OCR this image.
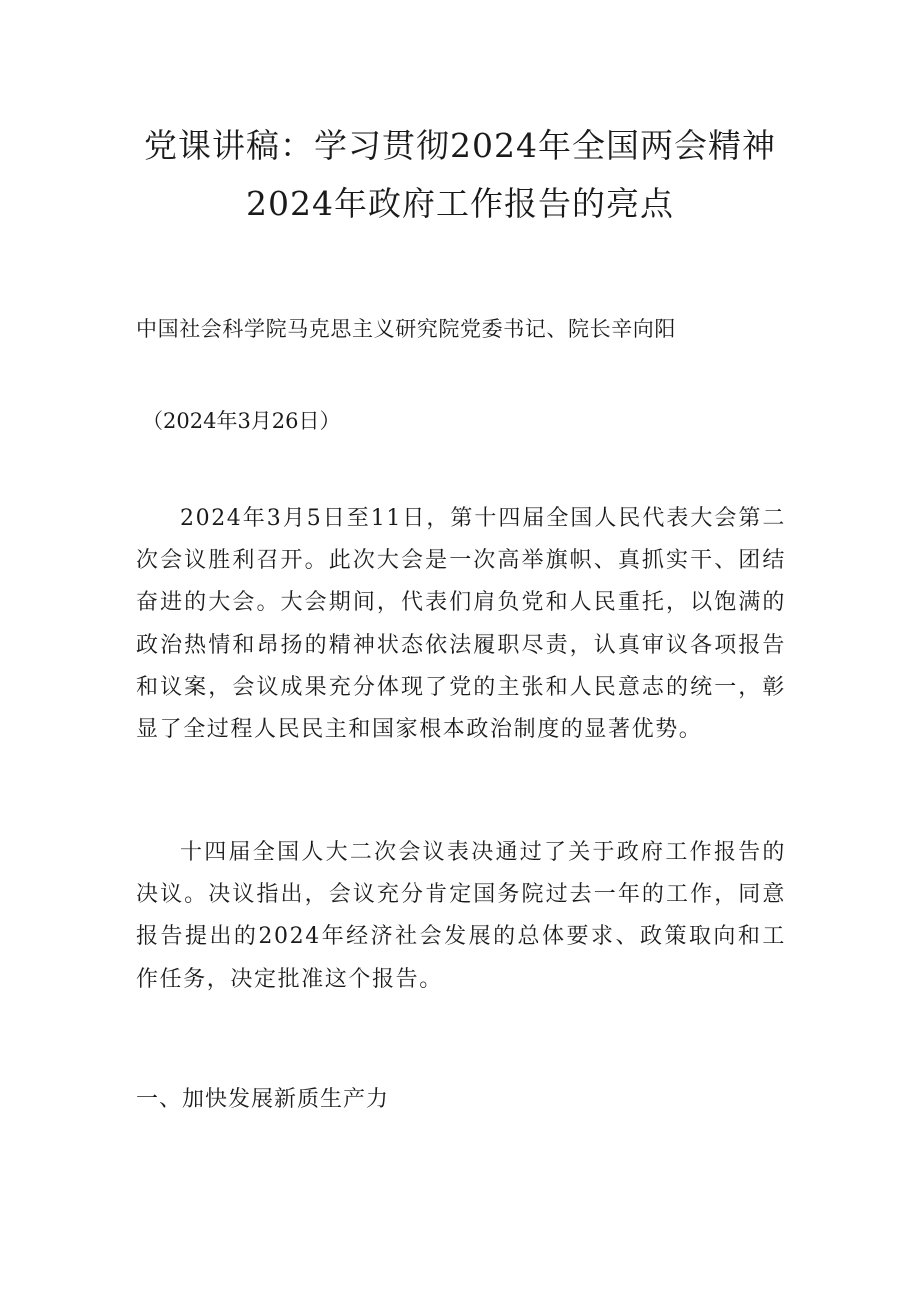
党课讲稿：学习贯彻2024年全国两会精神
2024年政府工作报告的亮点
中国社会科学院马克思主义研究院党委书记、院长辛向阳
（2024年3月26日）

2024年3月5日至11日，第十四届全国人民代表大会第二次会议胜利召开。此次大会是一次高举旗帜、真抓实干、团结奋进的大会。大会期间，代表们肩负党和人民重托，以饱满的政治热情和昂扬的精神状态依法履职尽责，认真审议各项报告和议案，会议成果充分体现了党的主张和人民意志的统一，彰显了全过程人民民主和国家根本政治制度的显著优势。

十四届全国人大二次会议表决通过了关于政府工作报告的决议。决议指出，会议充分肯定国务院过去一年的工作，同意报告提出的2024年经济社会发展的总体要求、政策取向和工作任务，决定批准这个报告。

一、加快发展新质生产力
